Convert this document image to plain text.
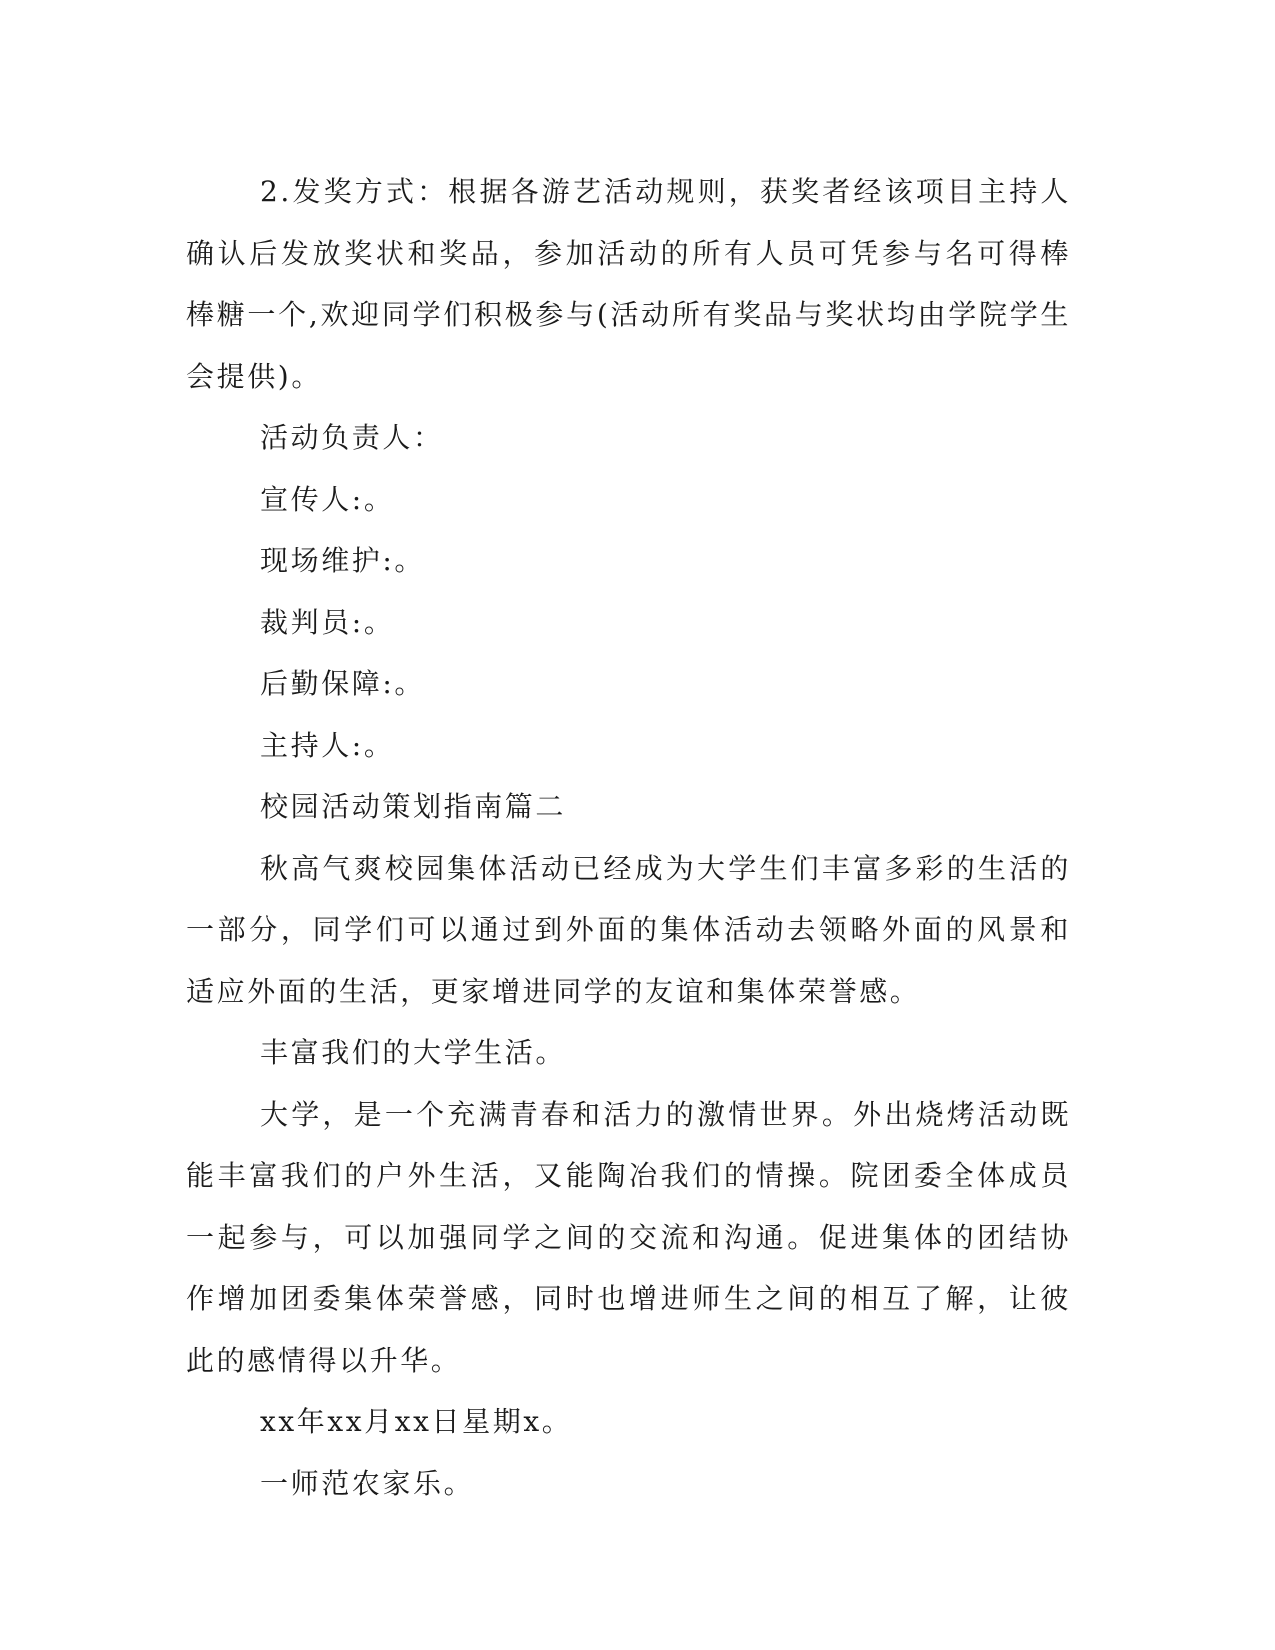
2.发奖方式：根据各游艺活动规则，获奖者经该项目主持人确认后发放奖状和奖品，参加活动的所有人员可凭参与名可得棒棒糖一个,欢迎同学们积极参与(活动所有奖品与奖状均由学院学生会提供)。

活动负责人：

宣传人:。

现场维护:。

裁判员:。

后勤保障:。

主持人:。

校园活动策划指南篇二

秋高气爽校园集体活动已经成为大学生们丰富多彩的生活的一部分，同学们可以通过到外面的集体活动去领略外面的风景和适应外面的生活，更家增进同学的友谊和集体荣誉感。

丰富我们的大学生活。

大学，是一个充满青春和活力的激情世界。外出烧烤活动既能丰富我们的户外生活，又能陶冶我们的情操。院团委全体成员一起参与，可以加强同学之间的交流和沟通。促进集体的团结协作增加团委集体荣誉感，同时也增进师生之间的相互了解，让彼此的感情得以升华。

xx年xx月xx日星期x。

一师范农家乐。
